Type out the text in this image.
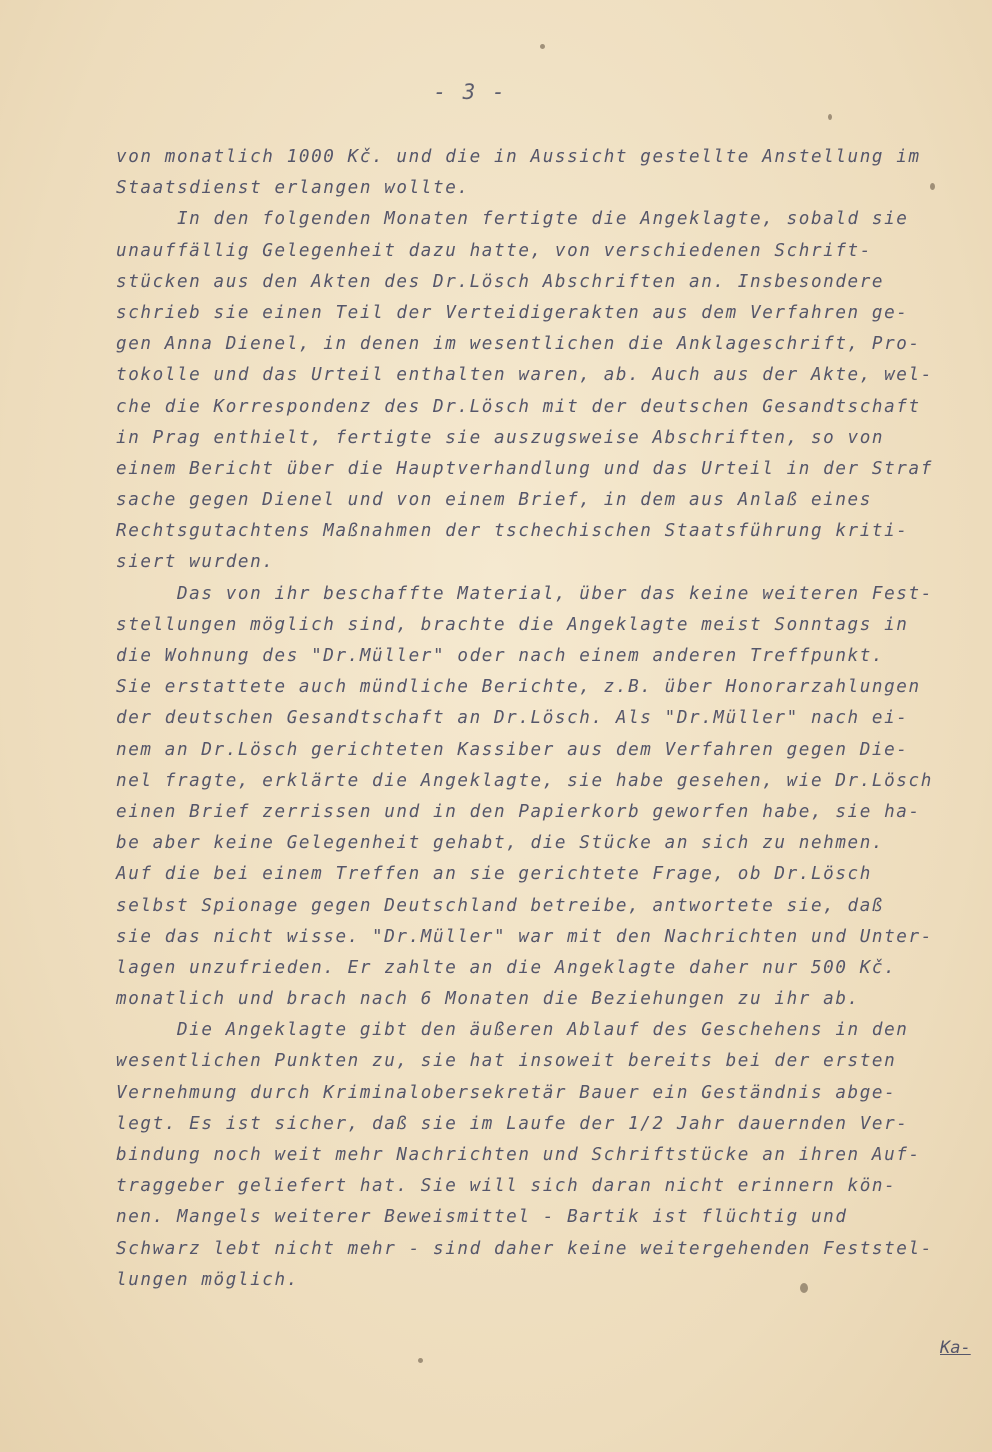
- 3 -
von monatlich 1000 Kč. und die in Aussicht gestellte Anstellung im
Staatsdienst erlangen wollte.
In den folgenden Monaten fertigte die Angeklagte, sobald sie
unauffällig Gelegenheit dazu hatte, von verschiedenen Schrift-
stücken aus den Akten des Dr.Lösch Abschriften an. Insbesondere
schrieb sie einen Teil der Verteidigerakten aus dem Verfahren ge-
gen Anna Dienel, in denen im wesentlichen die Anklageschrift, Pro-
tokolle und das Urteil enthalten waren, ab. Auch aus der Akte, wel-
che die Korrespondenz des Dr.Lösch mit der deutschen Gesandtschaft
in Prag enthielt, fertigte sie auszugsweise Abschriften, so von
einem Bericht über die Hauptverhandlung und das Urteil in der Straf
sache gegen Dienel und von einem Brief, in dem aus Anlaß eines
Rechtsgutachtens Maßnahmen der tschechischen Staatsführung kriti-
siert wurden.
Das von ihr beschaffte Material, über das keine weiteren Fest-
stellungen möglich sind, brachte die Angeklagte meist Sonntags in
die Wohnung des "Dr.Müller" oder nach einem anderen Treffpunkt.
Sie erstattete auch mündliche Berichte, z.B. über Honorarzahlungen
der deutschen Gesandtschaft an Dr.Lösch. Als "Dr.Müller" nach ei-
nem an Dr.Lösch gerichteten Kassiber aus dem Verfahren gegen Die-
nel fragte, erklärte die Angeklagte, sie habe gesehen, wie Dr.Lösch
einen Brief zerrissen und in den Papierkorb geworfen habe, sie ha-
be aber keine Gelegenheit gehabt, die Stücke an sich zu nehmen.
Auf die bei einem Treffen an sie gerichtete Frage, ob Dr.Lösch
selbst Spionage gegen Deutschland betreibe, antwortete sie, daß
sie das nicht wisse. "Dr.Müller" war mit den Nachrichten und Unter-
lagen unzufrieden. Er zahlte an die Angeklagte daher nur 500 Kč.
monatlich und brach nach 6 Monaten die Beziehungen zu ihr ab.
Die Angeklagte gibt den äußeren Ablauf des Geschehens in den
wesentlichen Punkten zu, sie hat insoweit bereits bei der ersten
Vernehmung durch Kriminalobersekretär Bauer ein Geständnis abge-
legt. Es ist sicher, daß sie im Laufe der 1/2 Jahr dauernden Ver-
bindung noch weit mehr Nachrichten und Schriftstücke an ihren Auf-
traggeber geliefert hat. Sie will sich daran nicht erinnern kön-
nen. Mangels weiterer Beweismittel - Bartik ist flüchtig und
Schwarz lebt nicht mehr - sind daher keine weitergehenden Feststel-
lungen möglich.
Ka-
